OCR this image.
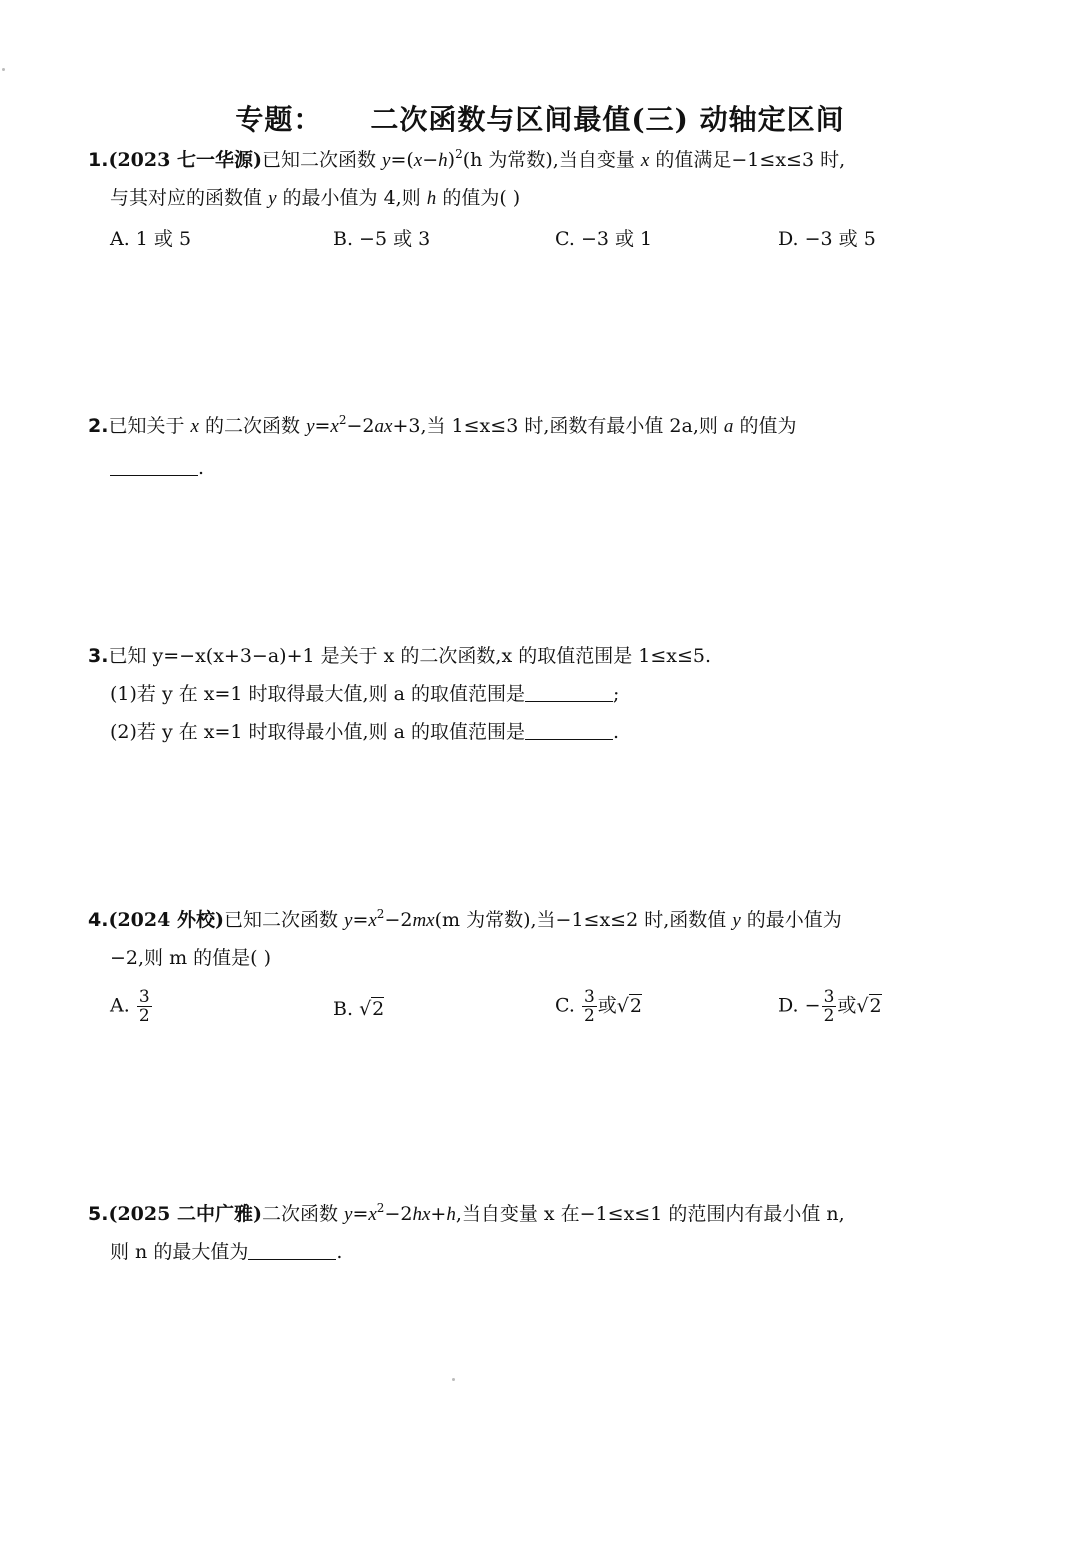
专题： 二次函数与区间最值(三) 动轴定区间
1.(2023 七一华源)已知二次函数 $y=(x-h)^2(h$ 为常数),当自变量 x 的值满足−1≤x≤3 时,
与其对应的函数值 y 的最小值为 4,则 h 的值为( )
A. 1 或 5	B. −5 或 3	C. −3 或 1	D. −3 或 5
2.已知关于 x 的二次函数 $y=x^2-2ax+3$,当 1≤x≤3 时,函数有最小值 2a,则 a 的值为
.
3.已知 y=−x(x+3−a)+1 是关于 x 的二次函数,x 的取值范围是 1≤x≤5.
(1)若 y 在 x=1 时取得最大值,则 a 的取值范围是	;
(2)若 y 在 x=1 时取得最小值,则 a 的取值范围是	.
4.(2024 外校)已知二次函数 $y=x^2-2mx(m$ 为常数),当−1≤x≤2 时,函数值 y 的最小值为
−2,则 m 的值是( )
A. $\frac{3}{2}$	B. √2	C. $\frac{3}{2}$ 或√2	D. − $\frac{3}{2}$ 或√2
5.(2025 二中广雅)二次函数 $y=x^2-2hx+h$,当自变量 x 在−1≤x≤1 的范围内有最小值 n,
则 n 的最大值为	.
